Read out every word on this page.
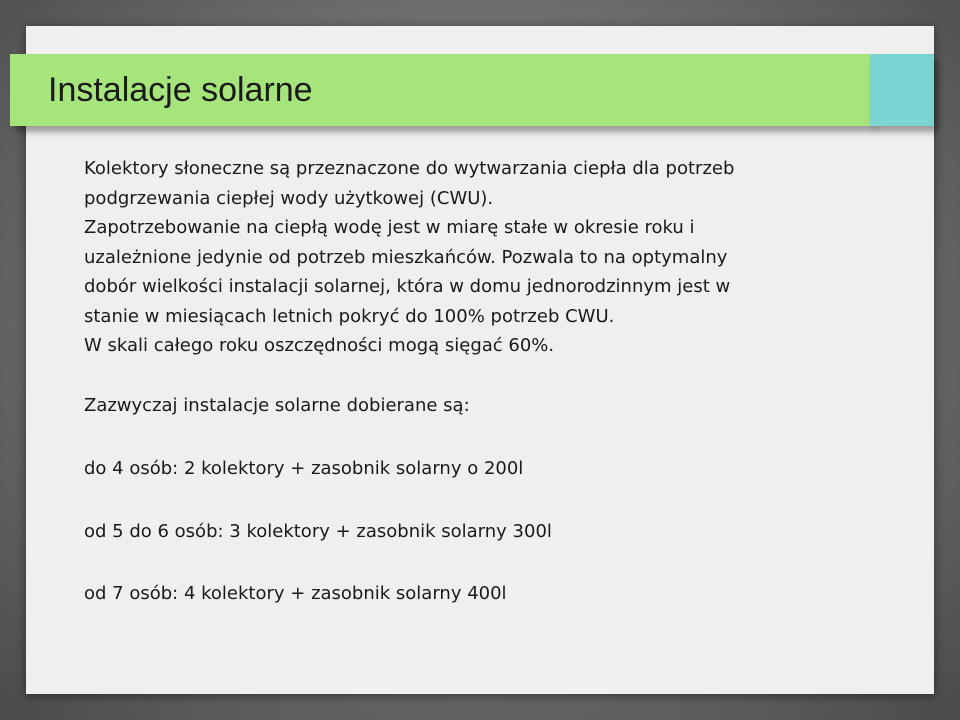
Instalacje solarne

Kolektory słoneczne są przeznaczone do wytwarzania ciepła dla potrzeb

podgrzewania ciepłej wody użytkowej (CWU).

Zapotrzebowanie na ciepłą wodę jest w miarę stałe w okresie roku i

uzależnione jedynie od potrzeb mieszkańców. Pozwala to na optymalny

dobór wielkości instalacji solarnej, która w domu jednorodzinnym jest w

stanie w miesiącach letnich pokryć do 100% potrzeb CWU.

W skali całego roku oszczędności mogą sięgać 60%.

Zazwyczaj instalacje solarne dobierane są:

do 4 osób: 2 kolektory + zasobnik solarny o 200l

od 5 do 6 osób: 3 kolektory + zasobnik solarny 300l

od 7 osób: 4 kolektory + zasobnik solarny 400l
